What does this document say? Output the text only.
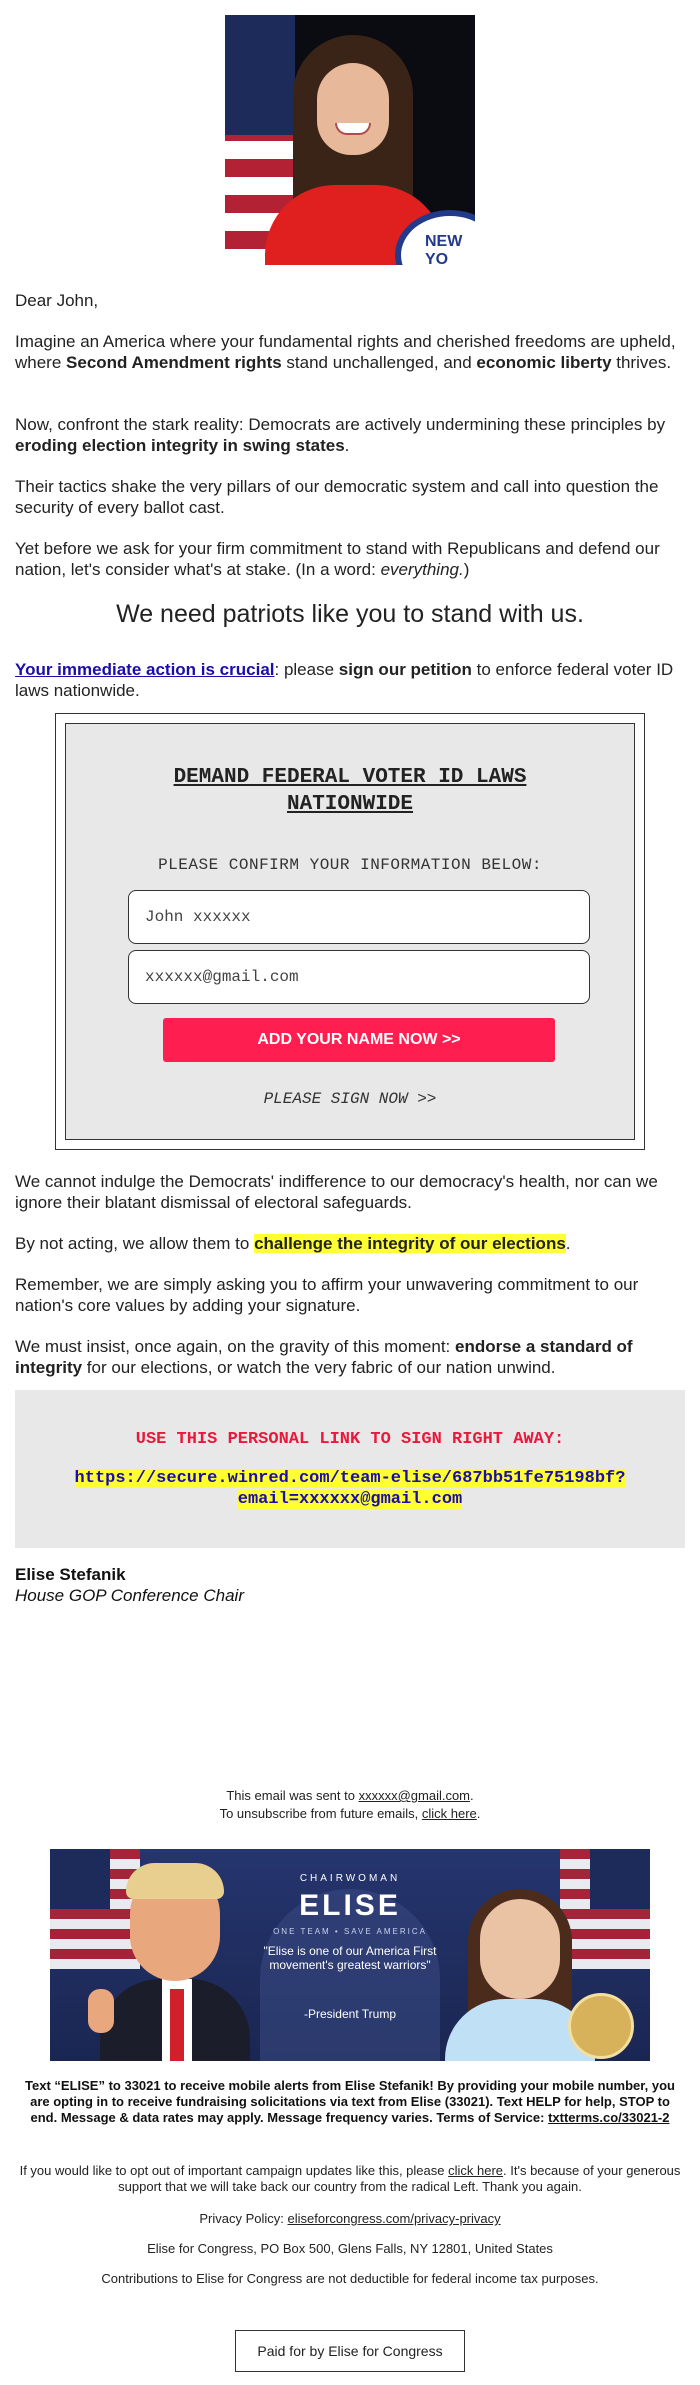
NEW YO
Dear John,
Imagine an America where your fundamental rights and cherished freedoms are upheld, where Second Amendment rights stand unchallenged, and economic liberty thrives.
Now, confront the stark reality: Democrats are actively undermining these principles by eroding election integrity in swing states.
Their tactics shake the very pillars of our democratic system and call into question the security of every ballot cast.
Yet before we ask for your firm commitment to stand with Republicans and defend our nation, let's consider what's at stake. (In a word: everything.)
We need patriots like you to stand with us.
Your immediate action is crucial: please sign our petition to enforce federal voter ID laws nationwide.
DEMAND FEDERAL VOTER ID LAWS
NATIONWIDE
PLEASE CONFIRM YOUR INFORMATION BELOW:
John xxxxxx
xxxxxx@gmail.com
ADD YOUR NAME NOW >>
PLEASE SIGN NOW >>
We cannot indulge the Democrats' indifference to our democracy's health, nor can we ignore their blatant dismissal of electoral safeguards.
By not acting, we allow them to challenge the integrity of our elections.
Remember, we are simply asking you to affirm your unwavering commitment to our nation's core values by adding your signature.
We must insist, once again, on the gravity of this moment: endorse a standard of integrity for our elections, or watch the very fabric of our nation unwind.
USE THIS PERSONAL LINK TO SIGN RIGHT AWAY:
https://secure.winred.com/team-elise/687bb51fe75198bf?
email=xxxxxx@gmail.com
Elise Stefanik
House GOP Conference Chair
This email was sent to xxxxxx@gmail.com.
To unsubscribe from future emails, click here.
CHAIRWOMAN
ELISE
ONE TEAM • SAVE AMERICA
"Elise is one of our America First movement's greatest warriors"
-President Trump
Text “ELISE” to 33021 to receive mobile alerts from Elise Stefanik! By providing your mobile number, you are opting in to receive fundraising solicitations via text from Elise (33021). Text HELP for help, STOP to end. Message & data rates may apply. Message frequency varies. Terms of Service: txtterms.co/33021-2
If you would like to opt out of important campaign updates like this, please click here. It's because of your generous support that we will take back our country from the radical Left. Thank you again.
Privacy Policy: eliseforcongress.com/privacy-privacy
Elise for Congress, PO Box 500, Glens Falls, NY 12801, United States
Contributions to Elise for Congress are not deductible for federal income tax purposes.
Paid for by Elise for Congress
